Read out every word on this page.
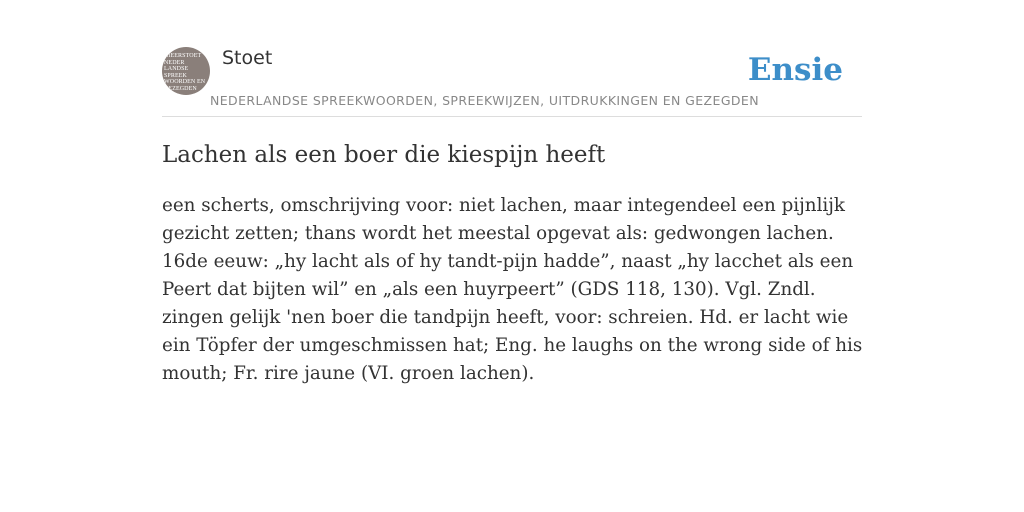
NIEERSTOET
NEDER
LANDSE
SPREEK
WOORDEN EN
GEZEGDEN
Stoet
NEDERLANDSE SPREEKWOORDEN, SPREEKWIJZEN, UITDRUKKINGEN EN GEZEGDEN
Ensie
Lachen als een boer die kiespijn heeft

een scherts, omschrijving voor: niet lachen, maar integendeel een pijnlijk gezicht zetten; thans wordt het meestal opgevat als: gedwongen lachen. 16de eeuw: „hy lacht als of hy tandt-pijn hadde”, naast „hy lacchet als een Peert dat bijten wil” en „als een huyrpeert” (GDS 118, 130). Vgl. Zndl. zingen gelijk 'nen boer die tandpijn heeft, voor: schreien. Hd. er lacht wie ein Töpfer der umgeschmissen hat; Eng. he laughs on the wrong side of his mouth; Fr. rire jaune (VI. groen lachen).
